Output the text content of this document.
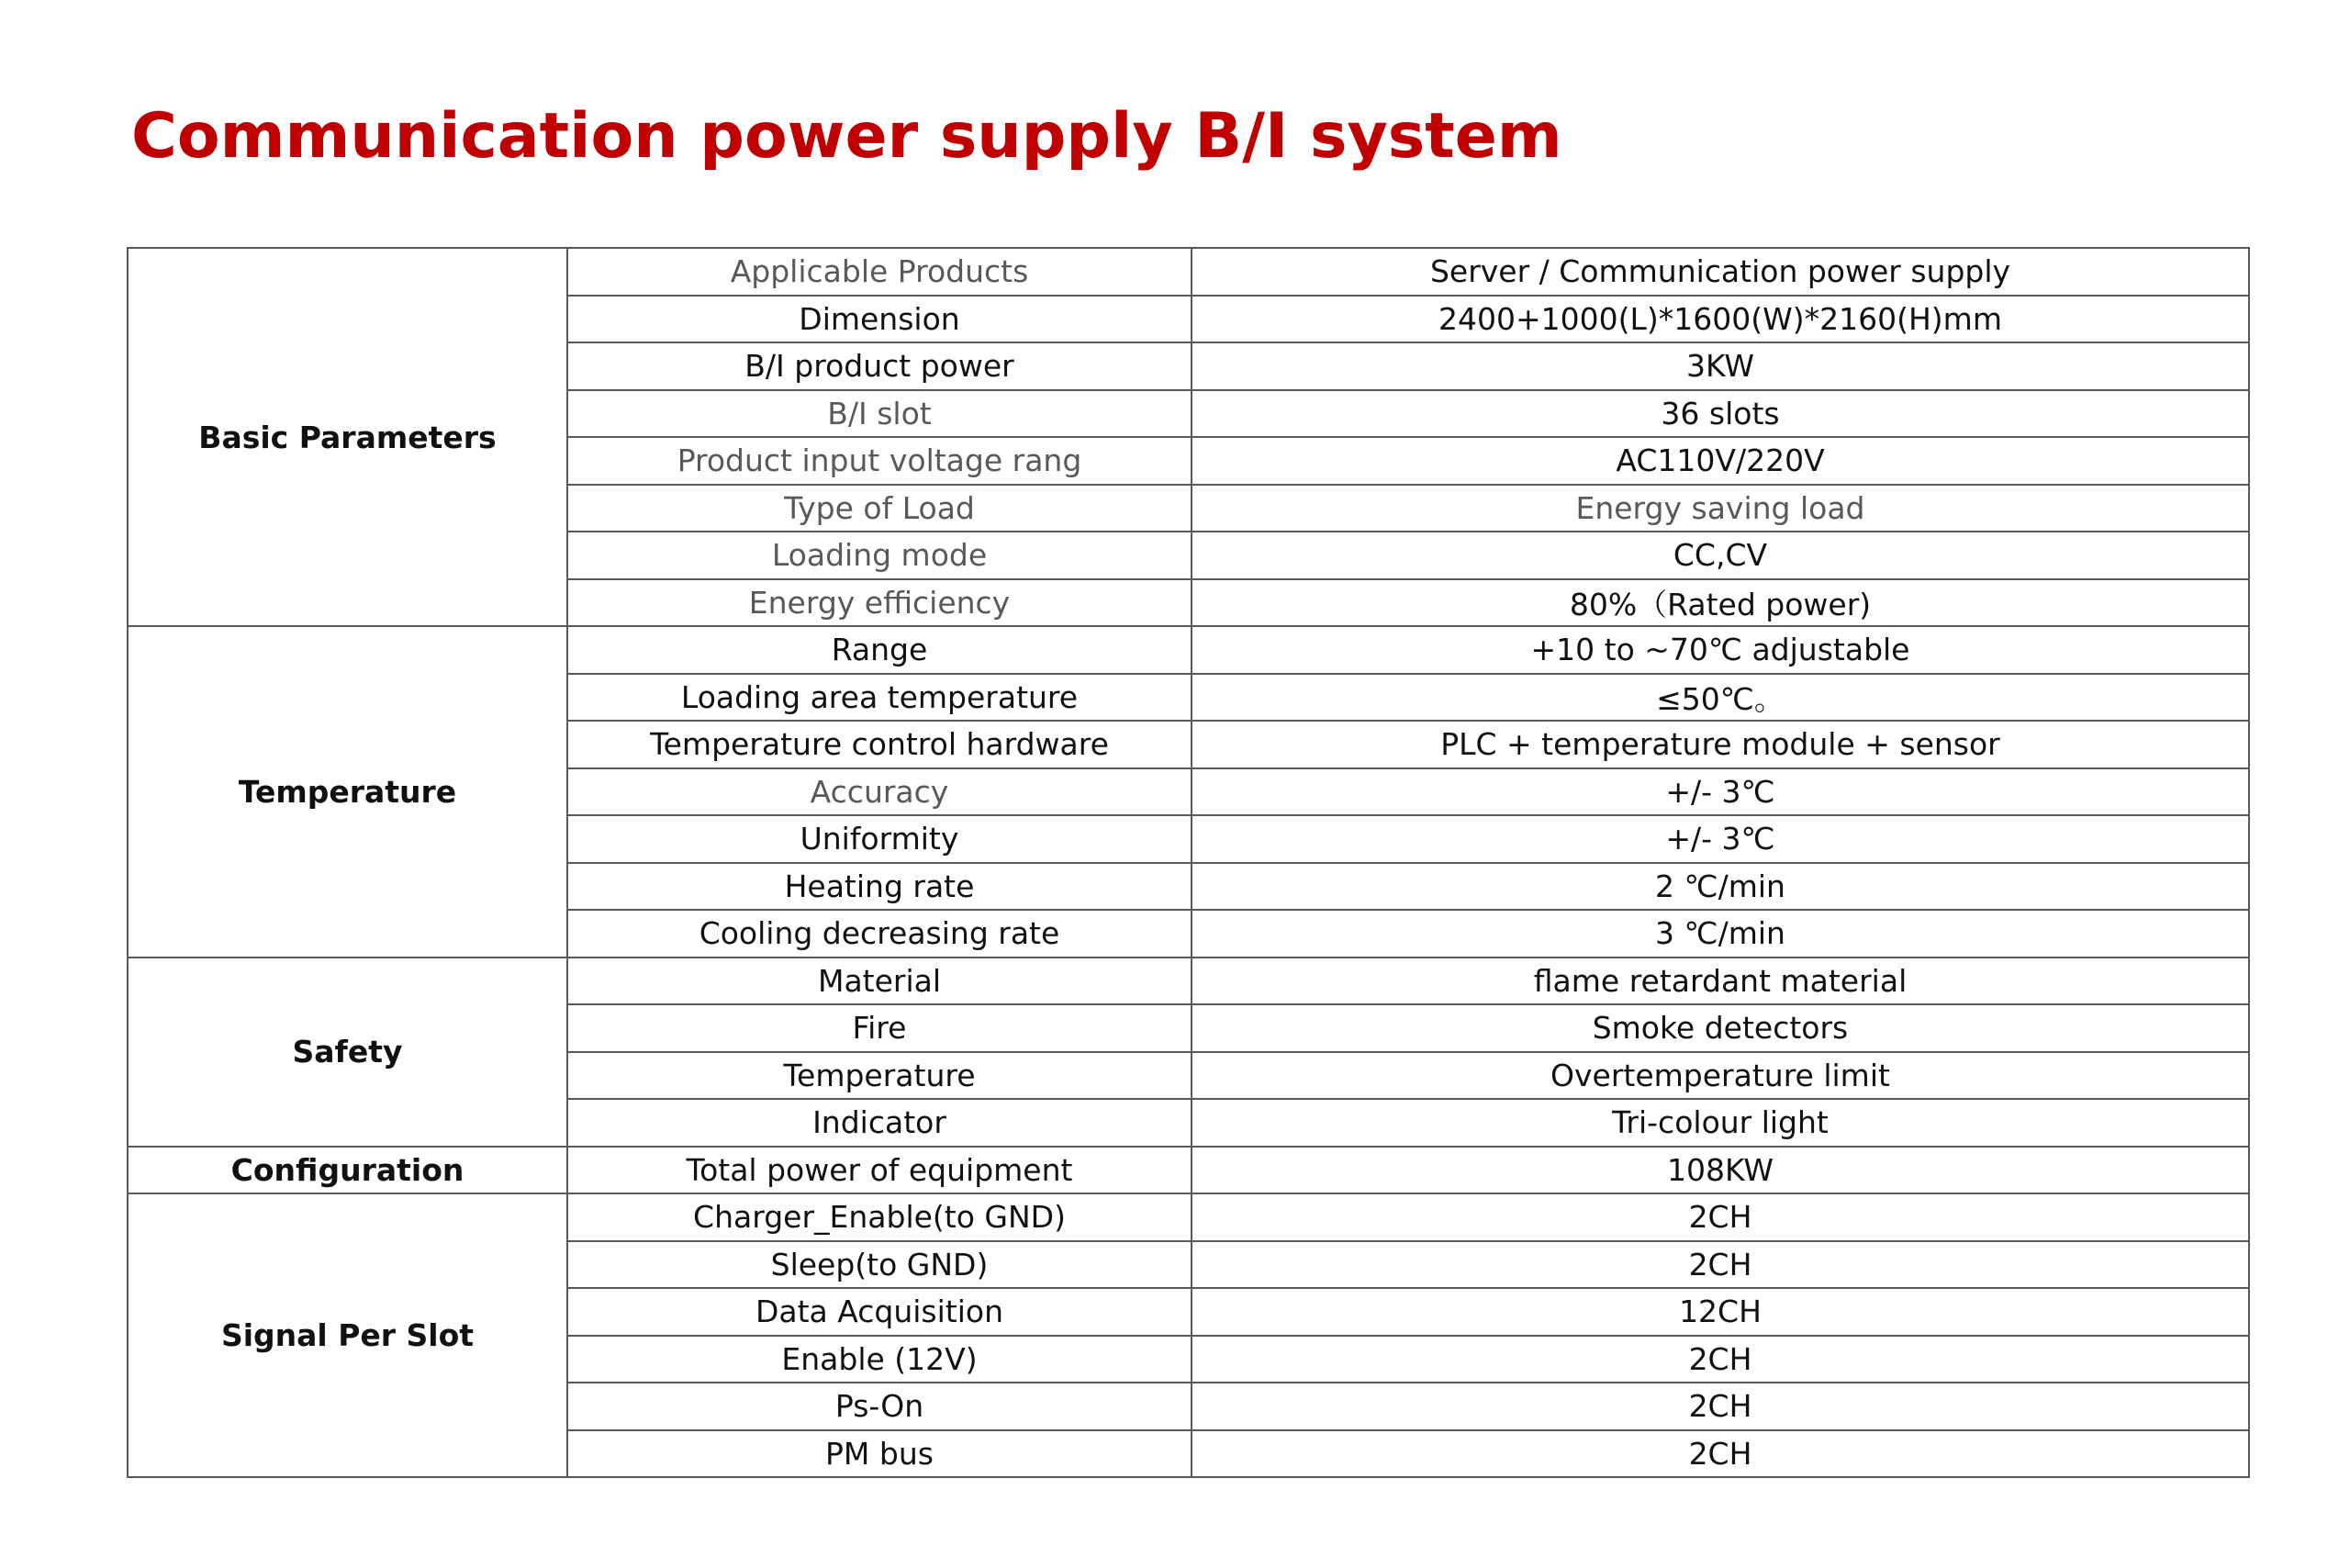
Communication power supply B/I system
Basic Parameters	Applicable Products	Server / Communication power supply
	Dimension	2400+1000(L)*1600(W)*2160(H)mm
	B/I product power	3KW
	B/I slot	36 slots
	Product input voltage rang	AC110V/220V
	Type of Load	Energy saving load
	Loading mode	CC,CV
	Energy efficiency	80%（Rated power)
Temperature	Range	+10 to ~70℃ adjustable
	Loading area temperature	≤50℃。
	Temperature control hardware	PLC + temperature module + sensor
	Accuracy	+/- 3℃
	Uniformity	+/- 3℃
	Heating rate	2 ℃/min
	Cooling decreasing rate	3 ℃/min
Safety	Material	flame retardant material
	Fire	Smoke detectors
	Temperature	Overtemperature limit
	Indicator	Tri-colour light
Configuration	Total power of equipment	108KW
Signal Per Slot	Charger_Enable(to GND)	2CH
	Sleep(to GND)	2CH
	Data Acquisition	12CH
	Enable (12V)	2CH
	Ps-On	2CH
	PM bus	2CH
